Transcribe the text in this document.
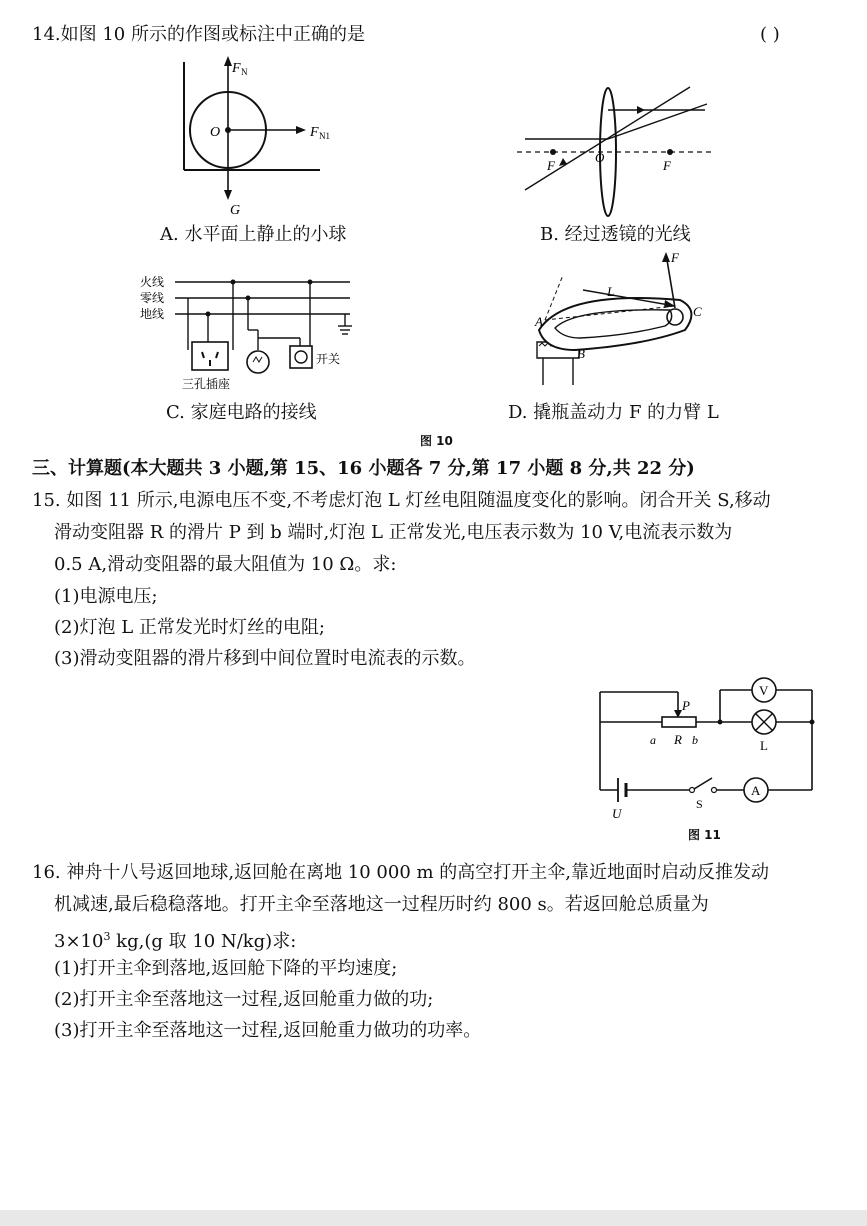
14.如图 10 所示的作图或标注中正确的是	( )
F N
O	F N1
G
A. 水平面上静止的小球
F
O
F
B. 经过透镜的光线
火线
零线
地线
三孔插座
开关
C. 家庭电路的接线
F
L
A
B
C
D. 撬瓶盖动力 F 的力臂 L
图 10
三、计算题(本大题共 3 小题,第 15、16 小题各 7 分,第 17 小题 8 分,共 22 分)
15. 如图 11 所示,电源电压不变,不考虑灯泡 L 灯丝电阻随温度变化的影响。闭合开关 S,移动
滑动变阻器 R 的滑片 P 到 b 端时,灯泡 L 正常发光,电压表示数为 10 V,电流表示数为
0.5 A,滑动变阻器的最大阻值为 10 Ω。求:
(1)电源电压;
(2)灯泡 L 正常发光时灯丝的电阻;
(3)滑动变阻器的滑片移到中间位置时电流表的示数。
P
a R b
V
L
U
S
A
图 11
16. 神舟十八号返回地球,返回舱在离地 10 000 m 的高空打开主伞,靠近地面时启动反推发动
机减速,最后稳稳落地。打开主伞至落地这一过程历时约 800 s。若返回舱总质量为
$3\times 10^3$ kg,(g 取 10 N/kg)求:
(1)打开主伞到落地,返回舱下降的平均速度;
(2)打开主伞至落地这一过程,返回舱重力做的功;
(3)打开主伞至落地这一过程,返回舱重力做功的功率。
